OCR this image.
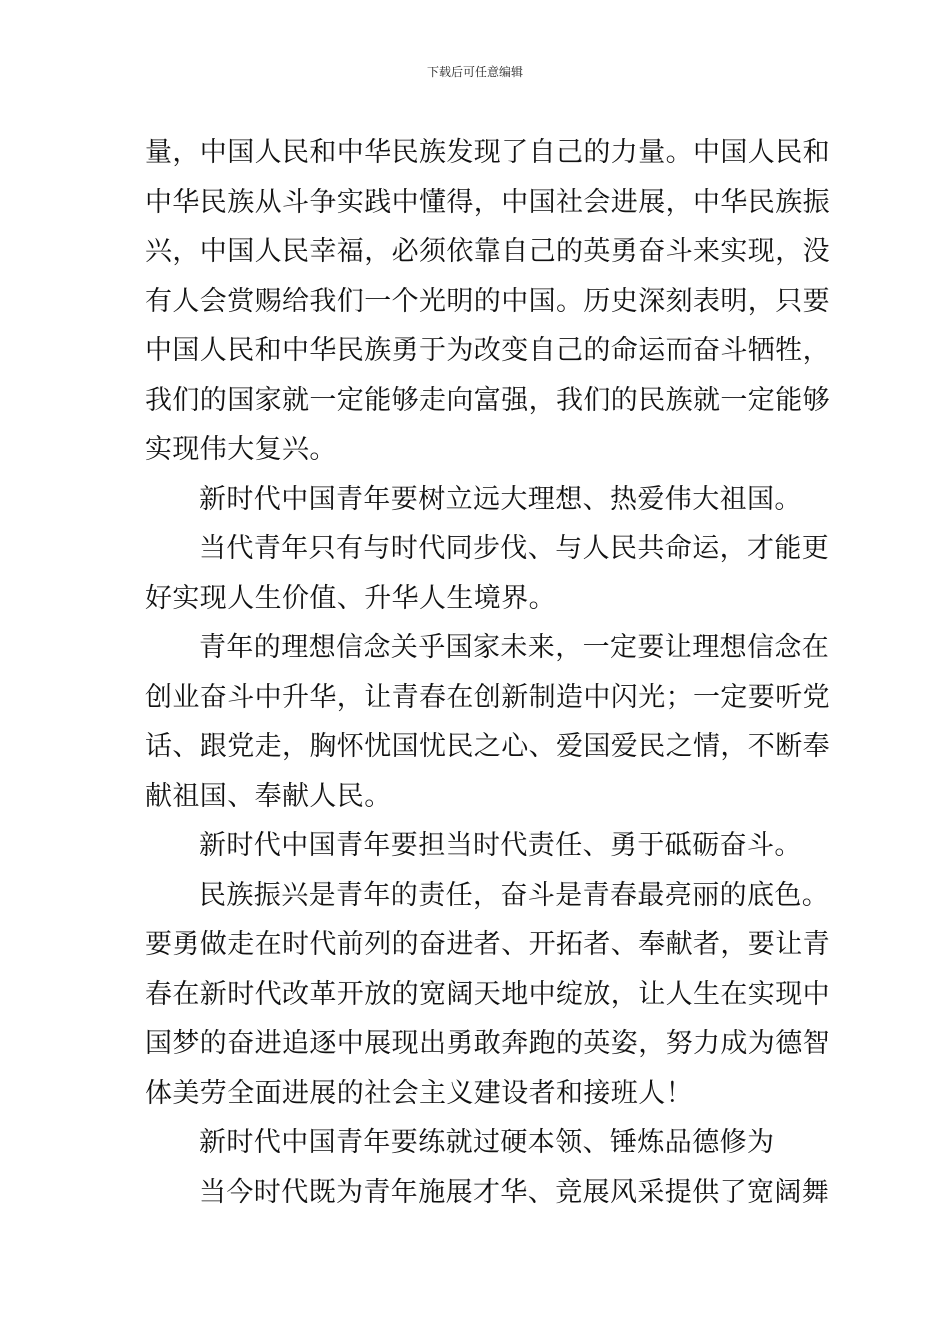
下载后可任意编辑
量，中国人民和中华民族发现了自己的力量。中国人民和
中华民族从斗争实践中懂得，中国社会进展，中华民族振
兴，中国人民幸福，必须依靠自己的英勇奋斗来实现，没
有人会赏赐给我们一个光明的中国。历史深刻表明，只要
中国人民和中华民族勇于为改变自己的命运而奋斗牺牲，
我们的国家就一定能够走向富强，我们的民族就一定能够
实现伟大复兴。
新时代中国青年要树立远大理想、热爱伟大祖国。
当代青年只有与时代同步伐、与人民共命运，才能更
好实现人生价值、升华人生境界。
青年的理想信念关乎国家未来，一定要让理想信念在
创业奋斗中升华，让青春在创新制造中闪光；一定要听党
话、跟党走，胸怀忧国忧民之心、爱国爱民之情，不断奉
献祖国、奉献人民。
新时代中国青年要担当时代责任、勇于砥砺奋斗。
民族振兴是青年的责任，奋斗是青春最亮丽的底色。
要勇做走在时代前列的奋进者、开拓者、奉献者，要让青
春在新时代改革开放的宽阔天地中绽放，让人生在实现中
国梦的奋进追逐中展现出勇敢奔跑的英姿，努力成为德智
体美劳全面进展的社会主义建设者和接班人！
新时代中国青年要练就过硬本领、锤炼品德修为
当今时代既为青年施展才华、竞展风采提供了宽阔舞
